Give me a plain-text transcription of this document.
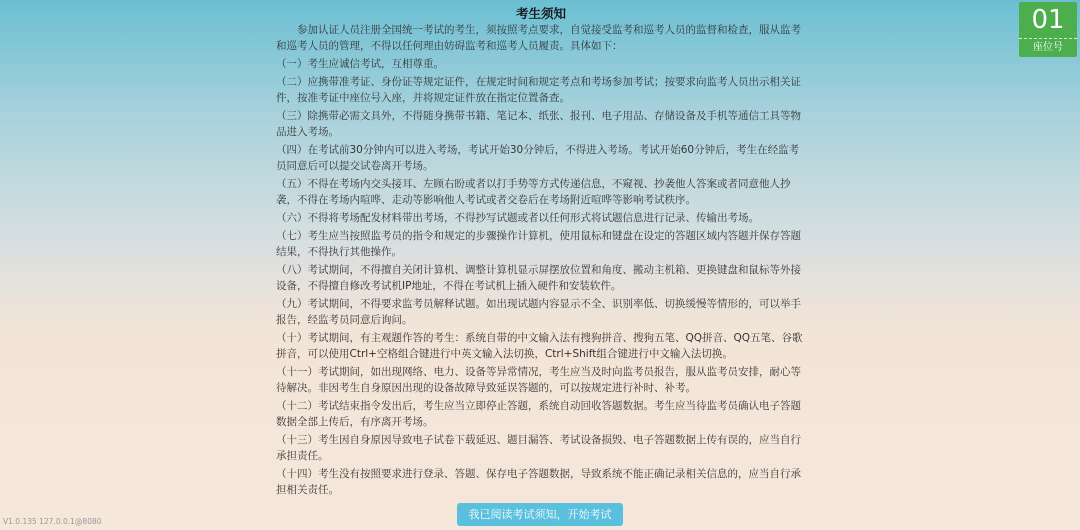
考生须知

参加认证人员注册全国统一考试的考生，须按照考点要求，自觉接受监考和巡考人员的监督和检查，服从监考和巡考人员的管理，不得以任何理由妨碍监考和巡考人员履责。具体如下：

（一）考生应诚信考试，互相尊重。

（二）应携带准考证、身份证等规定证件，在规定时间和规定考点和考场参加考试；按要求向监考人员出示相关证件，按准考证中座位号入座，并将规定证件放在指定位置备查。

（三）除携带必需文具外，不得随身携带书籍、笔记本、纸张、报刊、电子用品、存储设备及手机等通信工具等物品进入考场。

（四）在考试前30分钟内可以进入考场，考试开始30分钟后，不得进入考场。考试开始60分钟后，考生在经监考员同意后可以提交试卷离开考场。

（五）不得在考场内交头接耳、左顾右盼或者以打手势等方式传递信息，不窥视、抄袭他人答案或者同意他人抄袭，不得在考场内喧哗、走动等影响他人考试或者交卷后在考场附近喧哗等影响考试秩序。

（六）不得将考场配发材料带出考场，不得抄写试题或者以任何形式将试题信息进行记录、传输出考场。

（七）考生应当按照监考员的指令和规定的步骤操作计算机，使用鼠标和键盘在设定的答题区域内答题并保存答题结果，不得执行其他操作。

（八）考试期间，不得擅自关闭计算机、调整计算机显示屏摆放位置和角度、搬动主机箱、更换键盘和鼠标等外接设备，不得擅自修改考试机IP地址，不得在考试机上插入硬件和安装软件。

（九）考试期间，不得要求监考员解释试题。如出现试题内容显示不全、识别率低、切换缓慢等情形的，可以举手报告，经监考员同意后询问。

（十）考试期间，有主观题作答的考生：系统自带的中文输入法有搜狗拼音、搜狗五笔、QQ拼音、QQ五笔、谷歌拼音，可以使用Ctrl+空格组合键进行中英文输入法切换，Ctrl+Shift组合键进行中文输入法切换。

（十一）考试期间，如出现网络、电力、设备等异常情况，考生应当及时向监考员报告，服从监考员安排，耐心等待解决。非因考生自身原因出现的设备故障导致延误答题的，可以按规定进行补时、补考。

（十二）考试结束指令发出后，考生应当立即停止答题，系统自动回收答题数据。考生应当待监考员确认电子答题数据全部上传后，有序离开考场。

（十三）考生因自身原因导致电子试卷下载延迟、题目漏答、考试设备损毁、电子答题数据上传有误的，应当自行承担责任。

（十四）考生没有按照要求进行登录、答题、保存电子答题数据，导致系统不能正确记录相关信息的，应当自行承担相关责任。

01
座位号
我已阅读考试须知，开始考试
V1.0.135 127.0.0.1@8080
